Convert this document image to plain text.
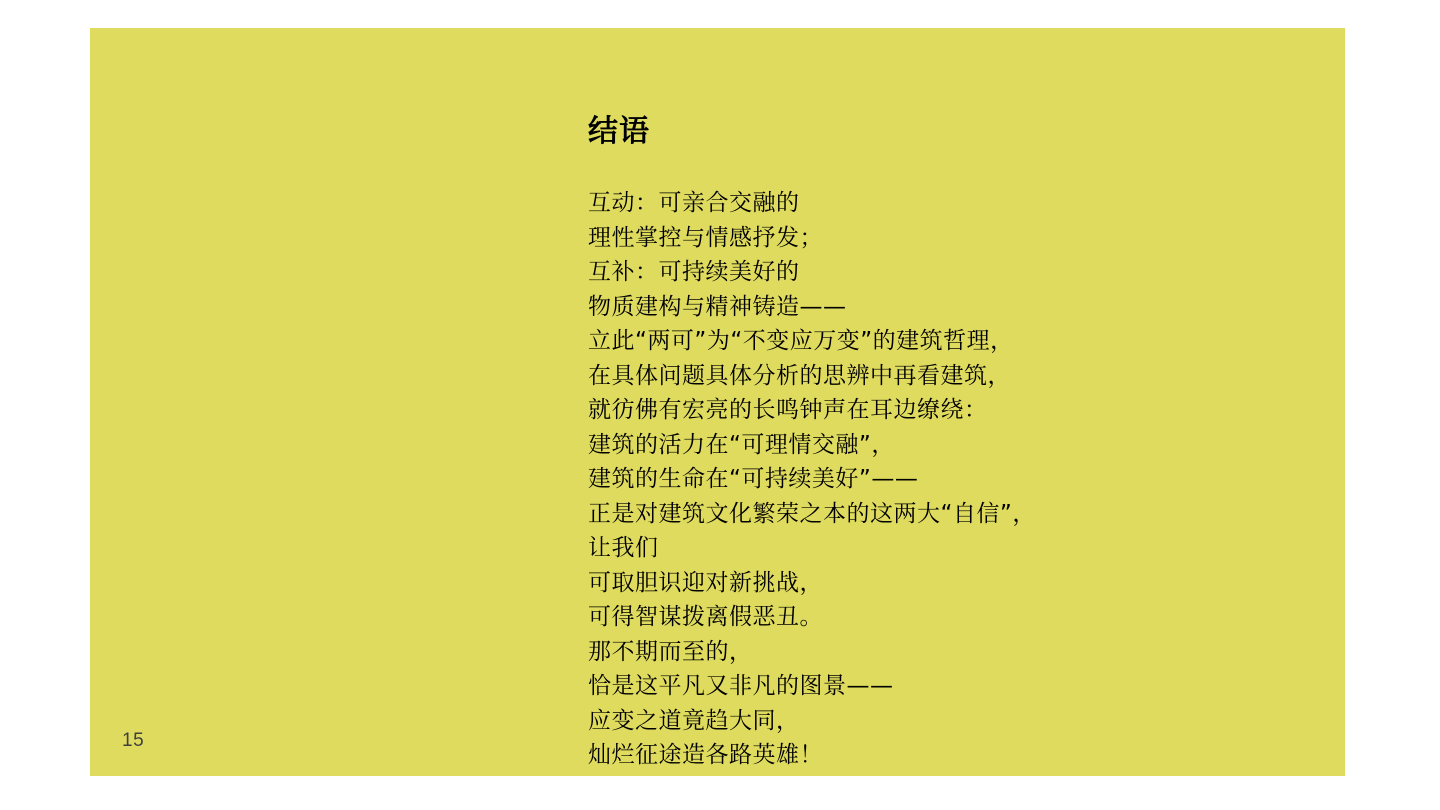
结语
互动：可亲合交融的
理性掌控与情感抒发；
互补：可持续美好的
物质建构与精神铸造——
立此“两可”为“不变应万变”的建筑哲理，
在具体问题具体分析的思辨中再看建筑，
就彷佛有宏亮的长鸣钟声在耳边缭绕：
建筑的活力在“可理情交融”，
建筑的生命在“可持续美好”——
正是对建筑文化繁荣之本的这两大“自信”，
让我们
可取胆识迎对新挑战，
可得智谋拨离假恶丑。
那不期而至的，
恰是这平凡又非凡的图景——
应变之道竟趋大同，
灿烂征途造各路英雄！
15
